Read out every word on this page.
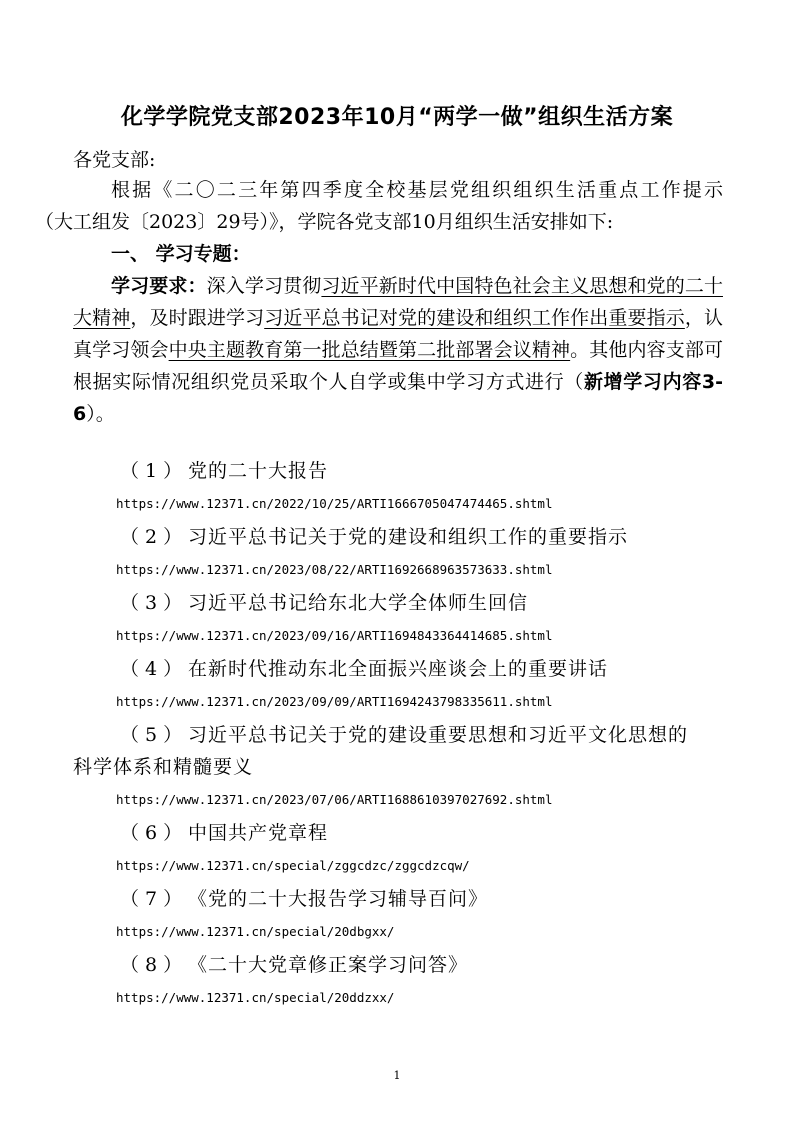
化学学院党支部2023年10月“两学一做”组织生活方案
各党支部:

根据《二〇二三年第四季度全校基层党组织组织生活重点工作提示
（大工组发〔2023〕29号）》，学院各党支部10月组织生活安排如下:

一、 学习专题：

学习要求：深入学习贯彻习近平新时代中国特色社会主义思想和党的二十大精神，及时跟进学习习近平总书记对党的建设和组织工作作出重要指示，认真学习领会中央主题教育第一批总结暨第二批部署会议精神。其他内容支部可根据实际情况组织党员采取个人自学或集中学习方式进行（新增学习内容3-6）。

（1）党的二十大报告
https://www.12371.cn/2022/10/25/ARTI1666705047474465.shtml
（2）习近平总书记关于党的建设和组织工作的重要指示
https://www.12371.cn/2023/08/22/ARTI1692668963573633.shtml
（3）习近平总书记给东北大学全体师生回信
https://www.12371.cn/2023/09/16/ARTI1694843364414685.shtml
（4）在新时代推动东北全面振兴座谈会上的重要讲话
https://www.12371.cn/2023/09/09/ARTI1694243798335611.shtml
（5）习近平总书记关于党的建设重要思想和习近平文化思想的
科学体系和精髓要义
https://www.12371.cn/2023/07/06/ARTI1688610397027692.shtml
（6）中国共产党章程
https://www.12371.cn/special/zggcdzc/zggcdzcqw/
（7）《党的二十大报告学习辅导百问》
https://www.12371.cn/special/20dbgxx/
（8）《二十大党章修正案学习问答》
https://www.12371.cn/special/20ddzxx/
1
